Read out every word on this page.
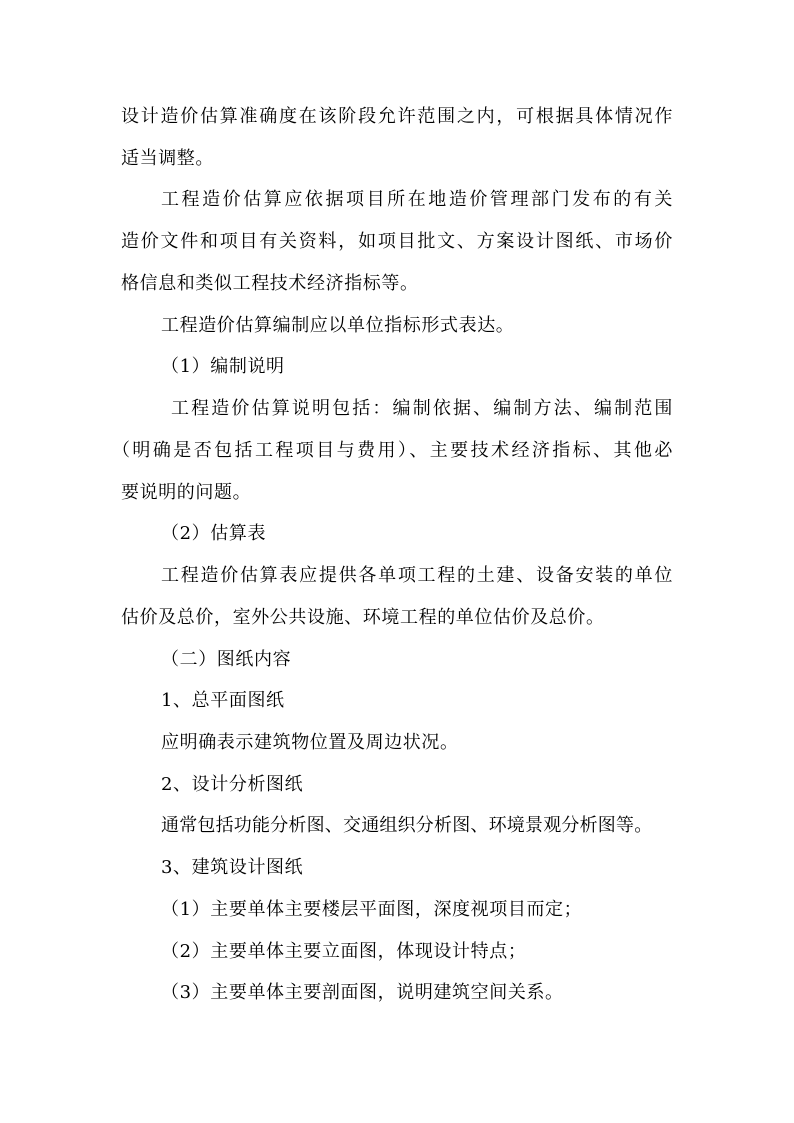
设计造价估算准确度在该阶段允许范围之内，可根据具体情况作
适当调整。
工程造价估算应依据项目所在地造价管理部门发布的有关
造价文件和项目有关资料，如项目批文、方案设计图纸、市场价
格信息和类似工程技术经济指标等。
工程造价估算编制应以单位指标形式表达。
（1）编制说明
工程造价估算说明包括：编制依据、编制方法、编制范围
（明确是否包括工程项目与费用）、主要技术经济指标、其他必
要说明的问题。
（2）估算表
工程造价估算表应提供各单项工程的土建、设备安装的单位
估价及总价，室外公共设施、环境工程的单位估价及总价。
（二）图纸内容
1、总平面图纸
应明确表示建筑物位置及周边状况。
2、设计分析图纸
通常包括功能分析图、交通组织分析图、环境景观分析图等。
3、建筑设计图纸
（1）主要单体主要楼层平面图，深度视项目而定；
（2）主要单体主要立面图，体现设计特点；
（3）主要单体主要剖面图，说明建筑空间关系。
